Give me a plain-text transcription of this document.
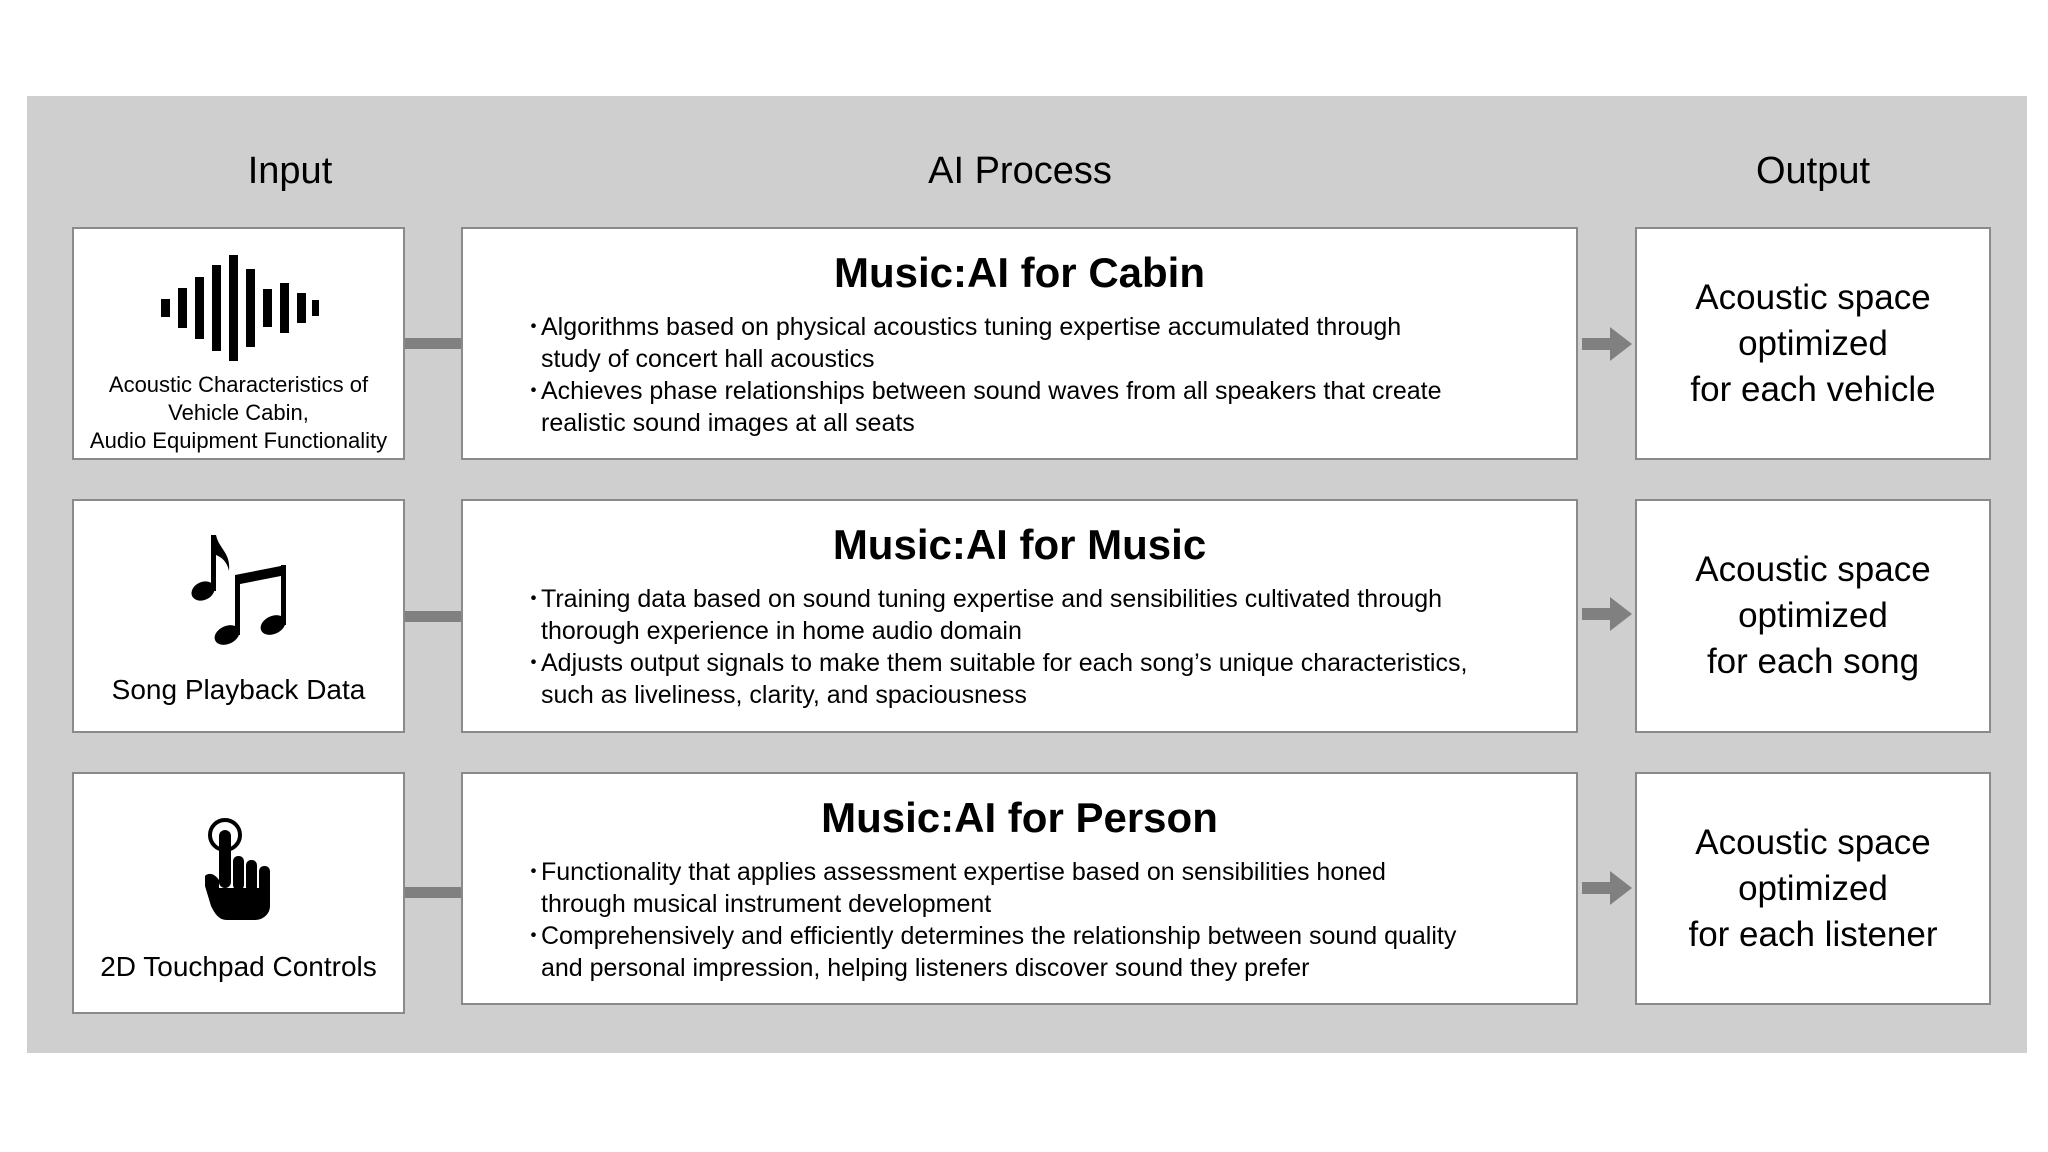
Input	AI Process	Output
Acoustic Characteristics of
Vehicle Cabin,
Audio Equipment Functionality
Music:AI for Cabin
・
Algorithms based on physical acoustics tuning expertise accumulated through
study of concert hall acoustics
・
Achieves phase relationships between sound waves from all speakers that create
realistic sound images at all seats
Acoustic space
optimized
for each vehicle
Song Playback Data
Music:AI for Music
・
Training data based on sound tuning expertise and sensibilities cultivated through
thorough experience in home audio domain
・
Adjusts output signals to make them suitable for each song’s unique characteristics,
such as liveliness, clarity, and spaciousness
Acoustic space
optimized
for each song
2D Touchpad Controls
Music:AI for Person
・
Functionality that applies assessment expertise based on sensibilities honed
through musical instrument development
・
Comprehensively and efficiently determines the relationship between sound quality
and personal impression, helping listeners discover sound they prefer
Acoustic space
optimized
for each listener
